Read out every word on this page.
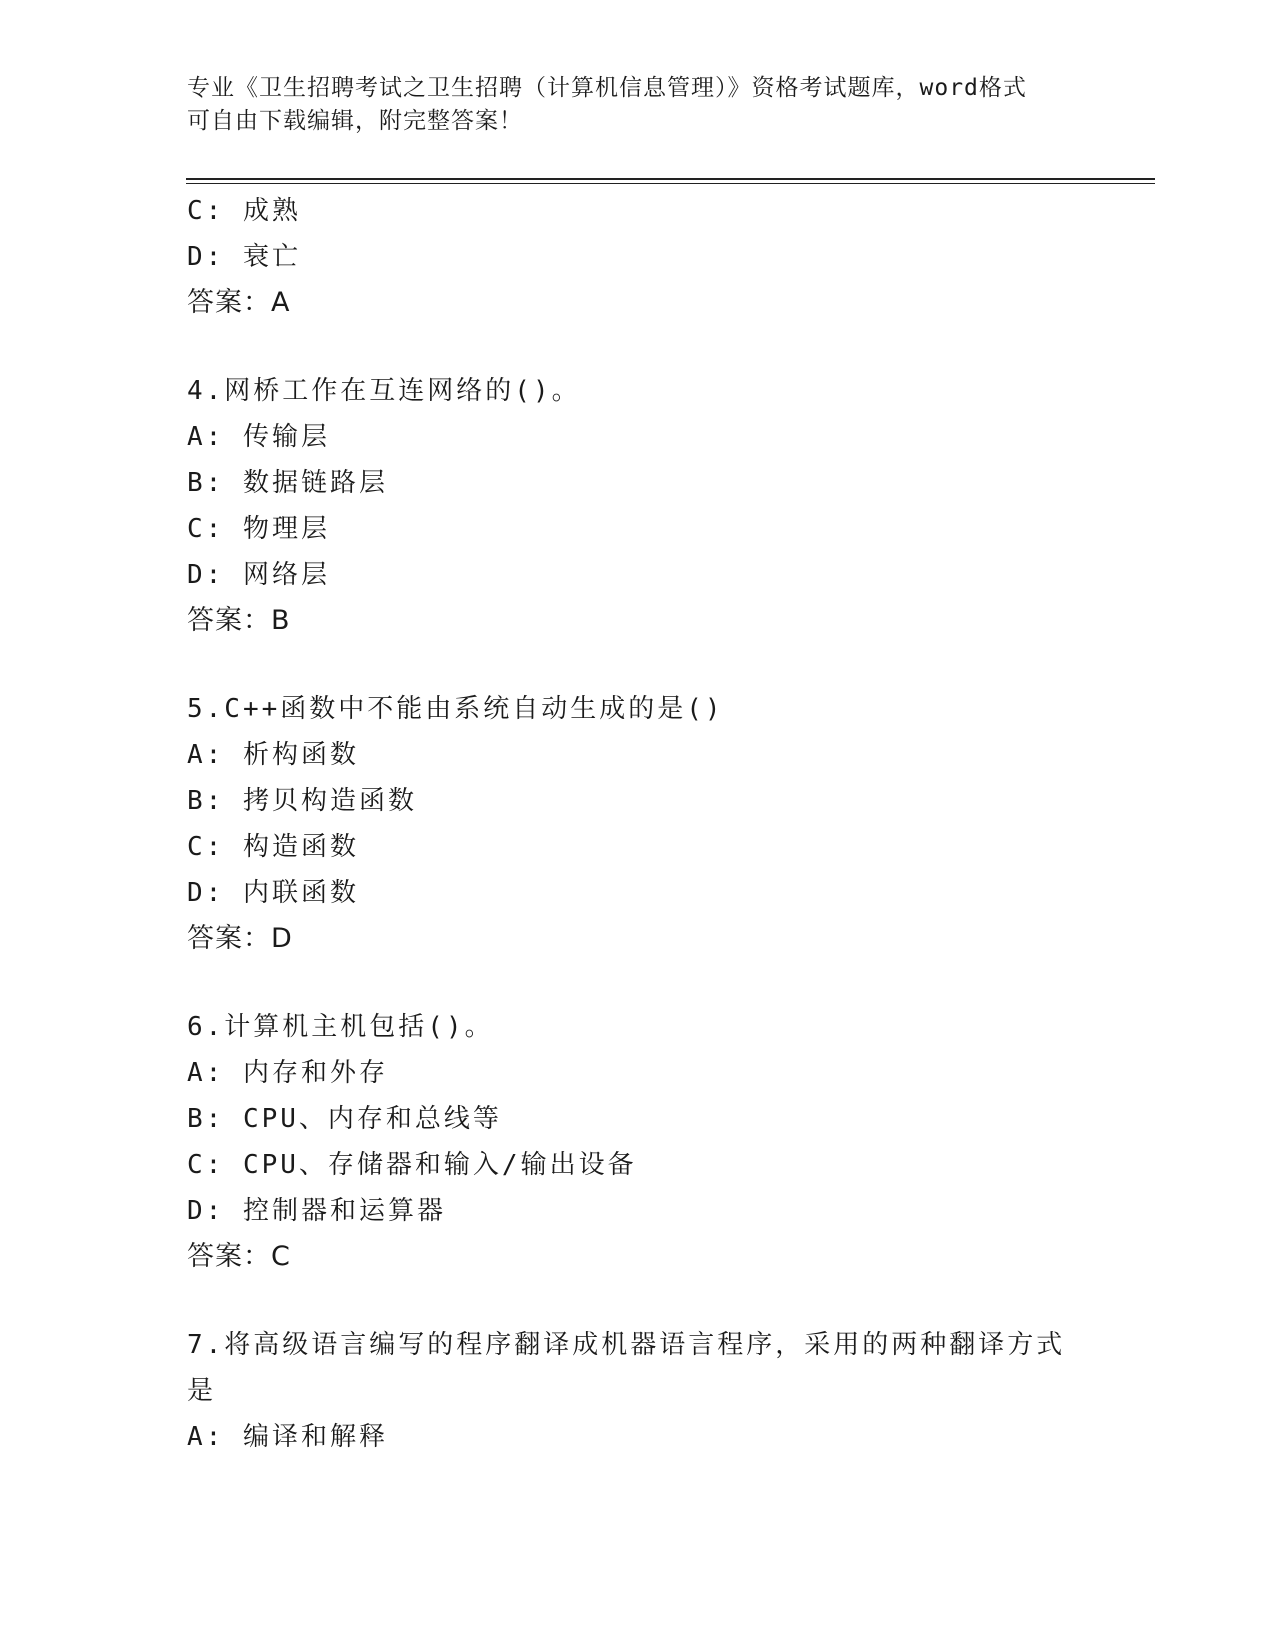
专业《卫生招聘考试之卫生招聘（计算机信息管理）》资格考试题库，word格式
可自由下载编辑，附完整答案！
C: 成熟
D: 衰亡
答案：A
4.网桥工作在互连网络的()。
A: 传输层
B: 数据链路层
C: 物理层
D: 网络层
答案：B
5.C++函数中不能由系统自动生成的是()
A: 析构函数
B: 拷贝构造函数
C: 构造函数
D: 内联函数
答案：D
6.计算机主机包括()。
A: 内存和外存
B: CPU、内存和总线等
C: CPU、存储器和输入/输出设备
D: 控制器和运算器
答案：C
7.将高级语言编写的程序翻译成机器语言程序，采用的两种翻译方式
是
A: 编译和解释
